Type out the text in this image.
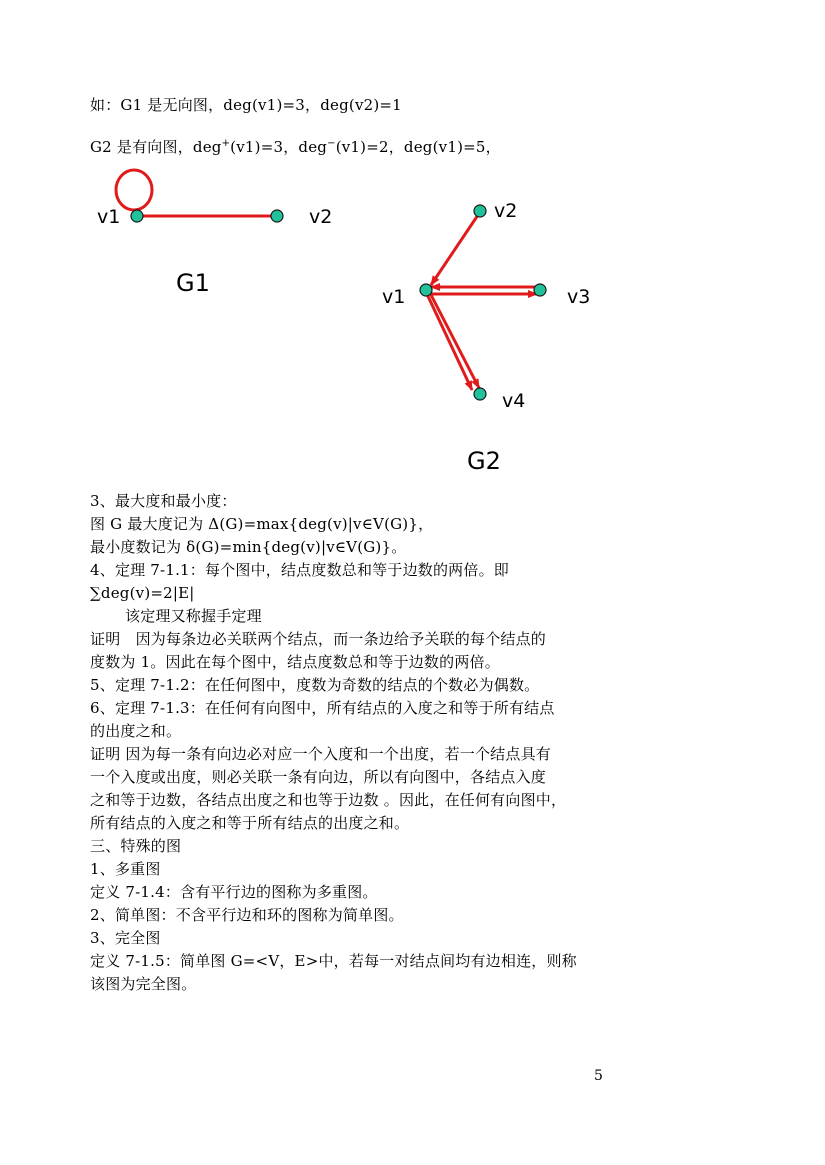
如：G1 是无向图，deg(v1)=3，deg(v2)=1
G2 是有向图，deg+(v1)=3，deg−(v1)=2，deg(v1)=5，
v1	v2
G1	v1
v2
v3
v4
G2
3、最大度和最小度：
图 G 最大度记为 Δ(G)=max{deg(v)|v∈V(G)}，
最小度数记为 δ(G)=min{deg(v)|v∈V(G)}。
4、定理 7-1.1：每个图中，结点度数总和等于边数的两倍。即
∑deg(v)=2|E|
该定理又称握手定理
证明　因为每条边必关联两个结点，而一条边给予关联的每个结点的
度数为 1。因此在每个图中，结点度数总和等于边数的两倍。
5、定理 7-1.2：在任何图中，度数为奇数的结点的个数必为偶数。
6、定理 7-1.3：在任何有向图中，所有结点的入度之和等于所有结点
的出度之和。
证明 因为每一条有向边必对应一个入度和一个出度，若一个结点具有
一个入度或出度，则必关联一条有向边，所以有向图中，各结点入度
之和等于边数，各结点出度之和也等于边数 。因此，在任何有向图中，
所有结点的入度之和等于所有结点的出度之和。
三、特殊的图
1、多重图
定义 7-1.4：含有平行边的图称为多重图。
2、简单图：不含平行边和环的图称为简单图。
3、完全图
定义 7-1.5：简单图 G=<V，E>中，若每一对结点间均有边相连，则称
该图为完全图。
5
